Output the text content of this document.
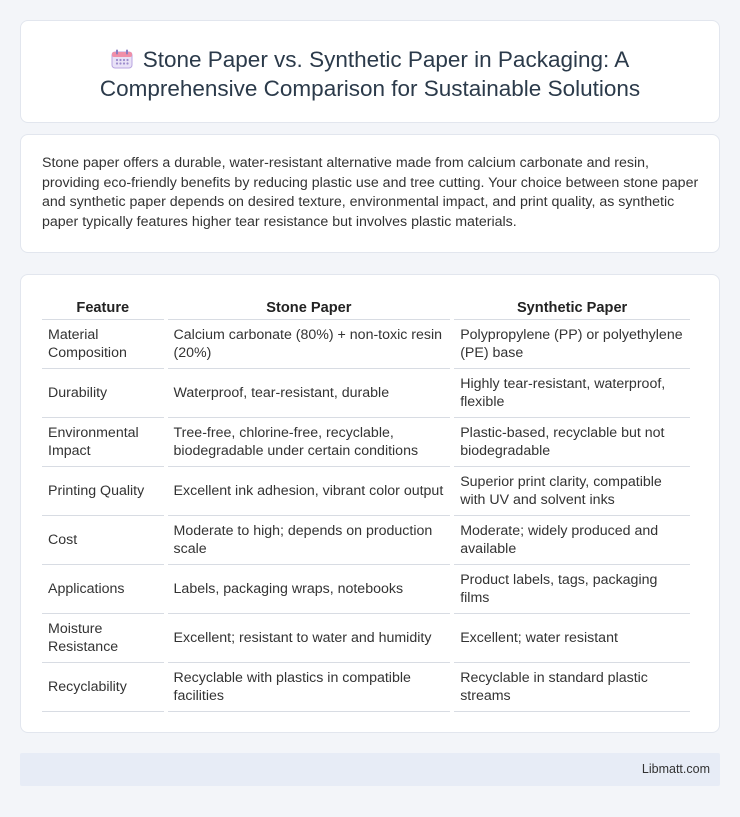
Stone Paper vs. Synthetic Paper in Packaging: A Comprehensive Comparison for Sustainable Solutions

Stone paper offers a durable, water-resistant alternative made from calcium carbonate and resin, providing eco-friendly benefits by reducing plastic use and tree cutting. Your choice between stone paper and synthetic paper depends on desired texture, environmental impact, and print quality, as synthetic paper typically features higher tear resistance but involves plastic materials.

Feature	Stone Paper	Synthetic Paper
Material Composition	Calcium carbonate (80%) + non-toxic resin (20%)	Polypropylene (PP) or polyethylene (PE) base
Durability	Waterproof, tear-resistant, durable	Highly tear-resistant, waterproof, flexible
Environmental Impact	Tree-free, chlorine-free, recyclable, biodegradable under certain conditions	Plastic-based, recyclable but not biodegradable
Printing Quality	Excellent ink adhesion, vibrant color output	Superior print clarity, compatible with UV and solvent inks
Cost	Moderate to high; depends on production scale	Moderate; widely produced and available
Applications	Labels, packaging wraps, notebooks	Product labels, tags, packaging films
Moisture Resistance	Excellent; resistant to water and humidity	Excellent; water resistant
Recyclability	Recyclable with plastics in compatible facilities	Recyclable in standard plastic streams
Libmatt.com
